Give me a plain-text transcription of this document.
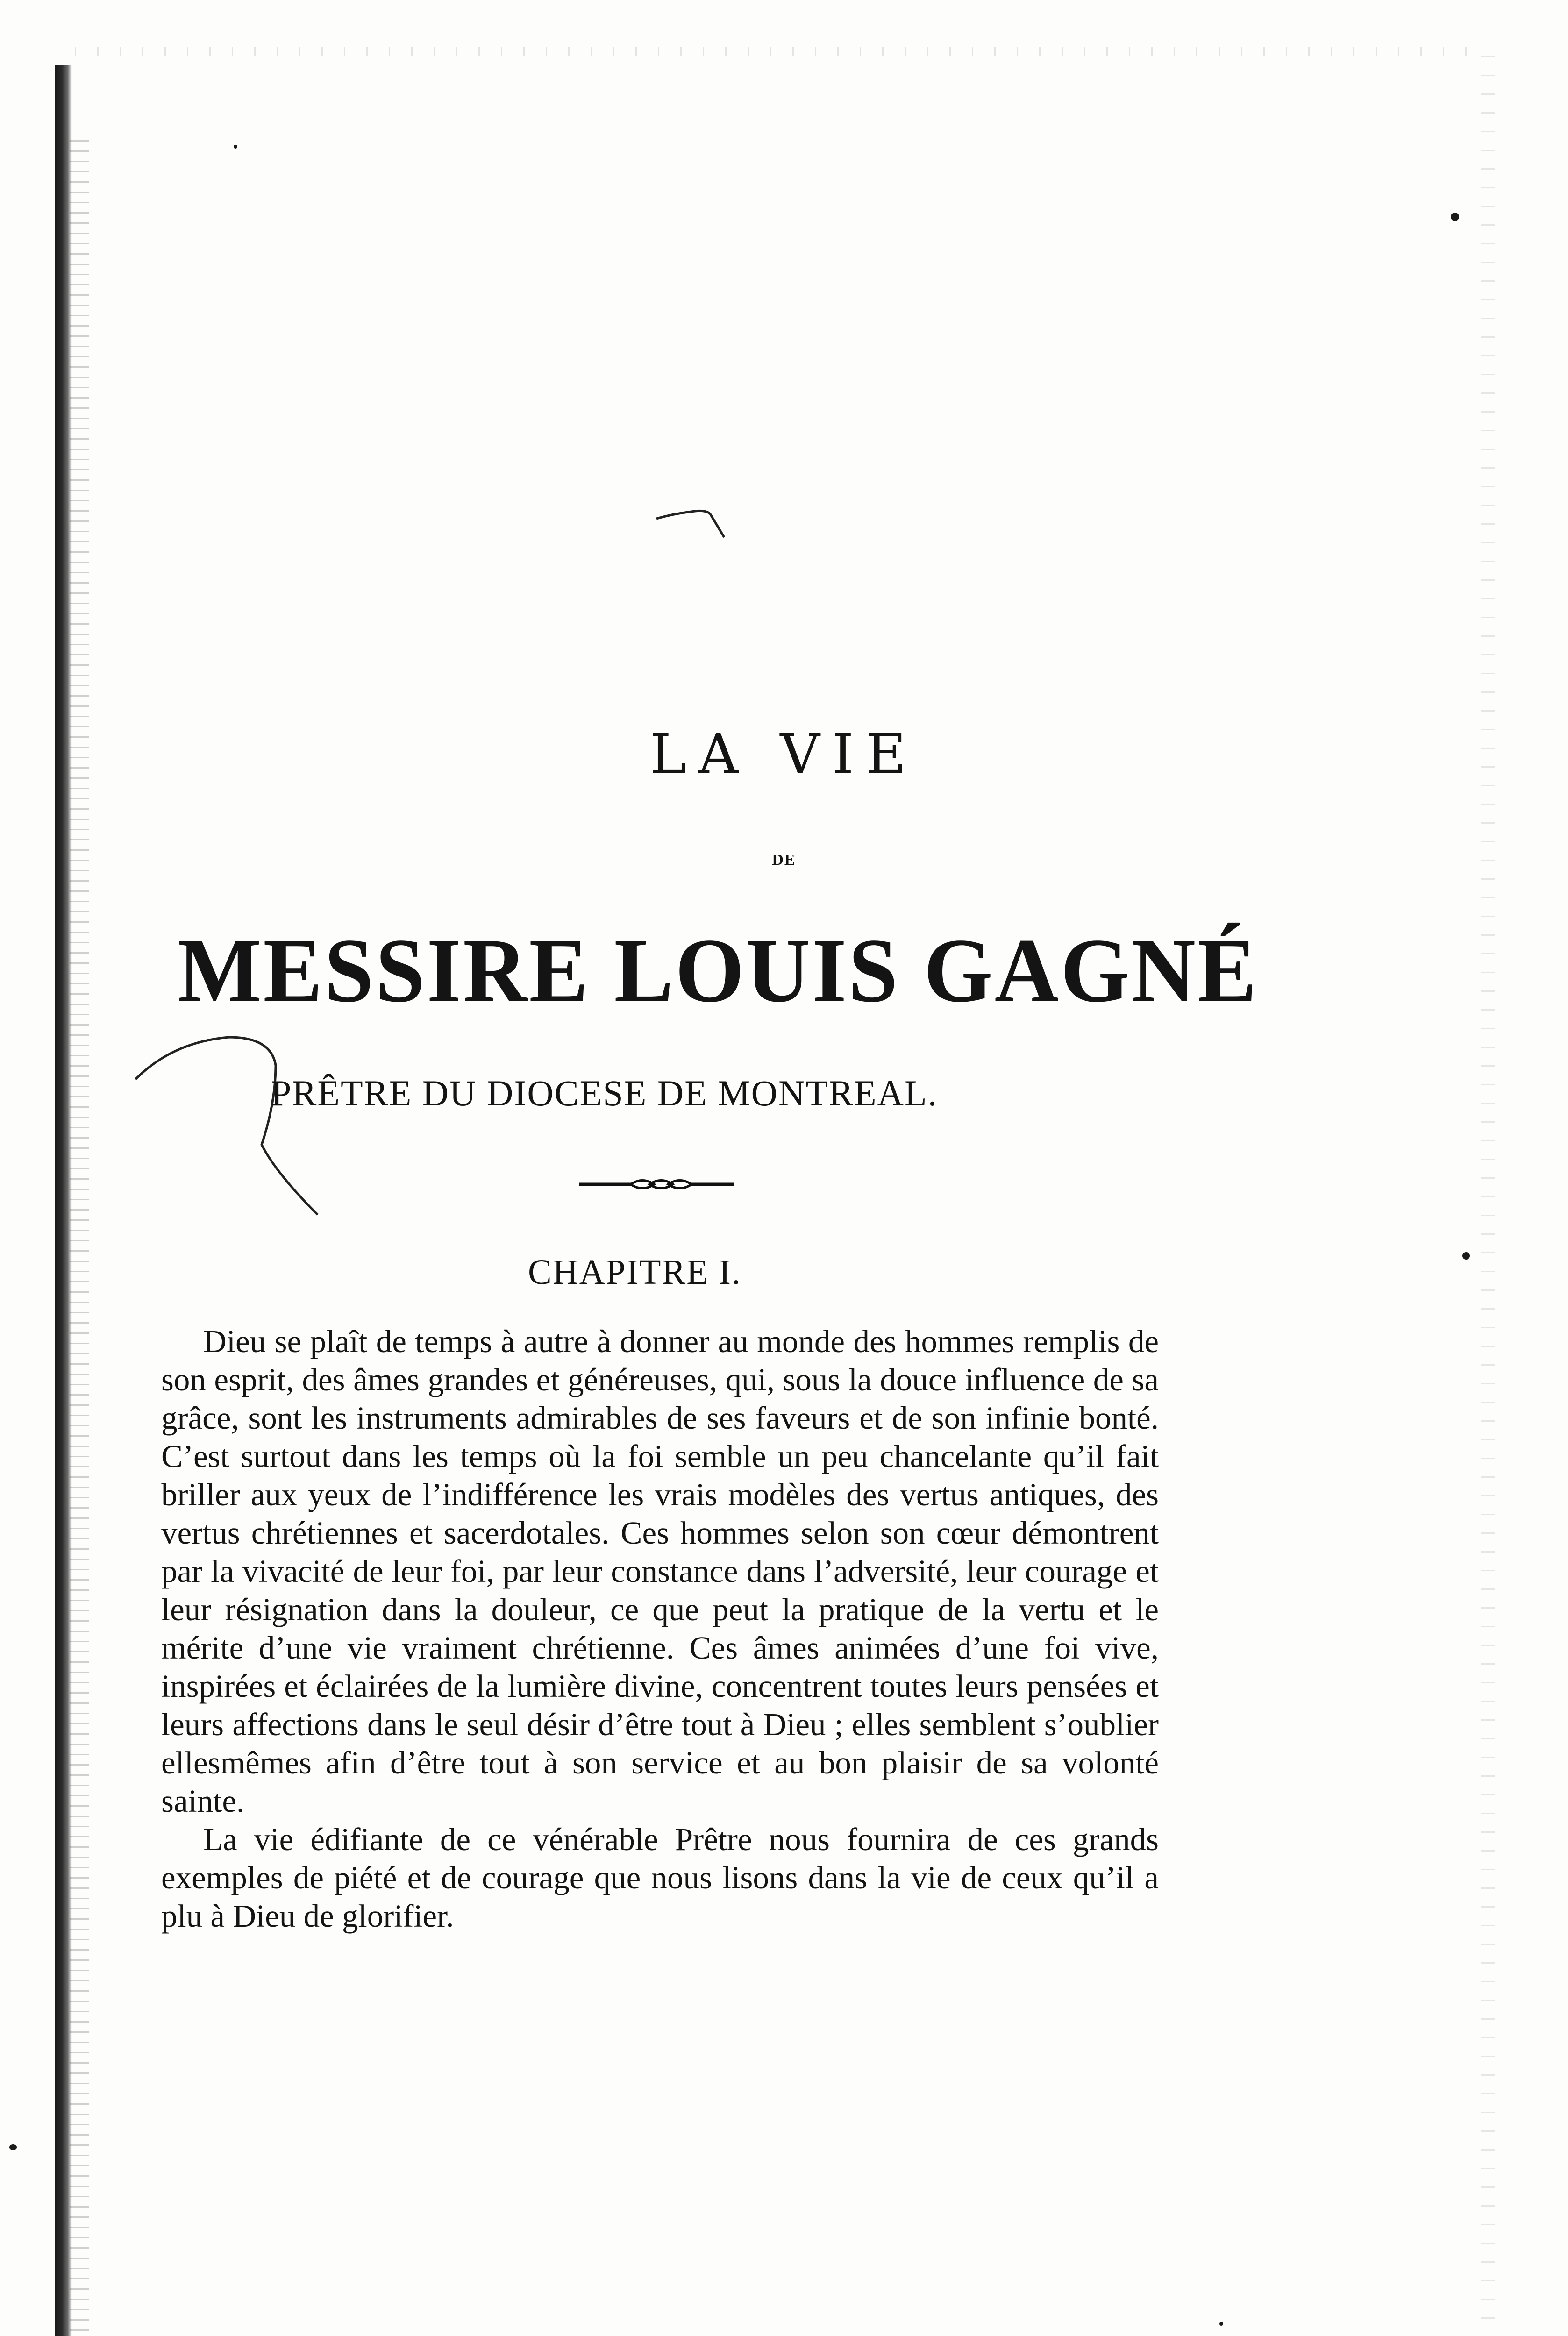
LA VIE
DE
MESSIRE LOUIS GAGNÉ
PRÊTRE DU DIOCESE DE MONTREAL.
CHAPITRE I.

Dieu se plaît de temps à autre à donner au monde des hommes remplis de son esprit, des âmes grandes et généreuses, qui, sous la douce influence de sa grâce, sont les instruments admirables de ses faveurs et de son infinie bonté. C’est surtout dans les temps où la foi semble un peu chancelante qu’il fait briller aux yeux de l’indifférence les vrais modèles des vertus antiques, des vertus chrétiennes et sacerdotales. Ces hommes selon son cœur démontrent par la vivacité de leur foi, par leur constance dans l’adversité, leur courage et leur résignation dans la douleur, ce que peut la pratique de la vertu et le mérite d’une vie vraiment chrétienne. Ces âmes animées d’une foi vive, inspirées et éclairées de la lumière divine, concentrent toutes leurs pensées et leurs affections dans le seul désir d’être tout à Dieu ; elles semblent s’oublier ellesmêmes afin d’être tout à son service et au bon plaisir de sa volonté sainte.

La vie édifiante de ce vénérable Prêtre nous fournira de ces grands exemples de piété et de courage que nous lisons dans la vie de ceux qu’il a plu à Dieu de glorifier.
